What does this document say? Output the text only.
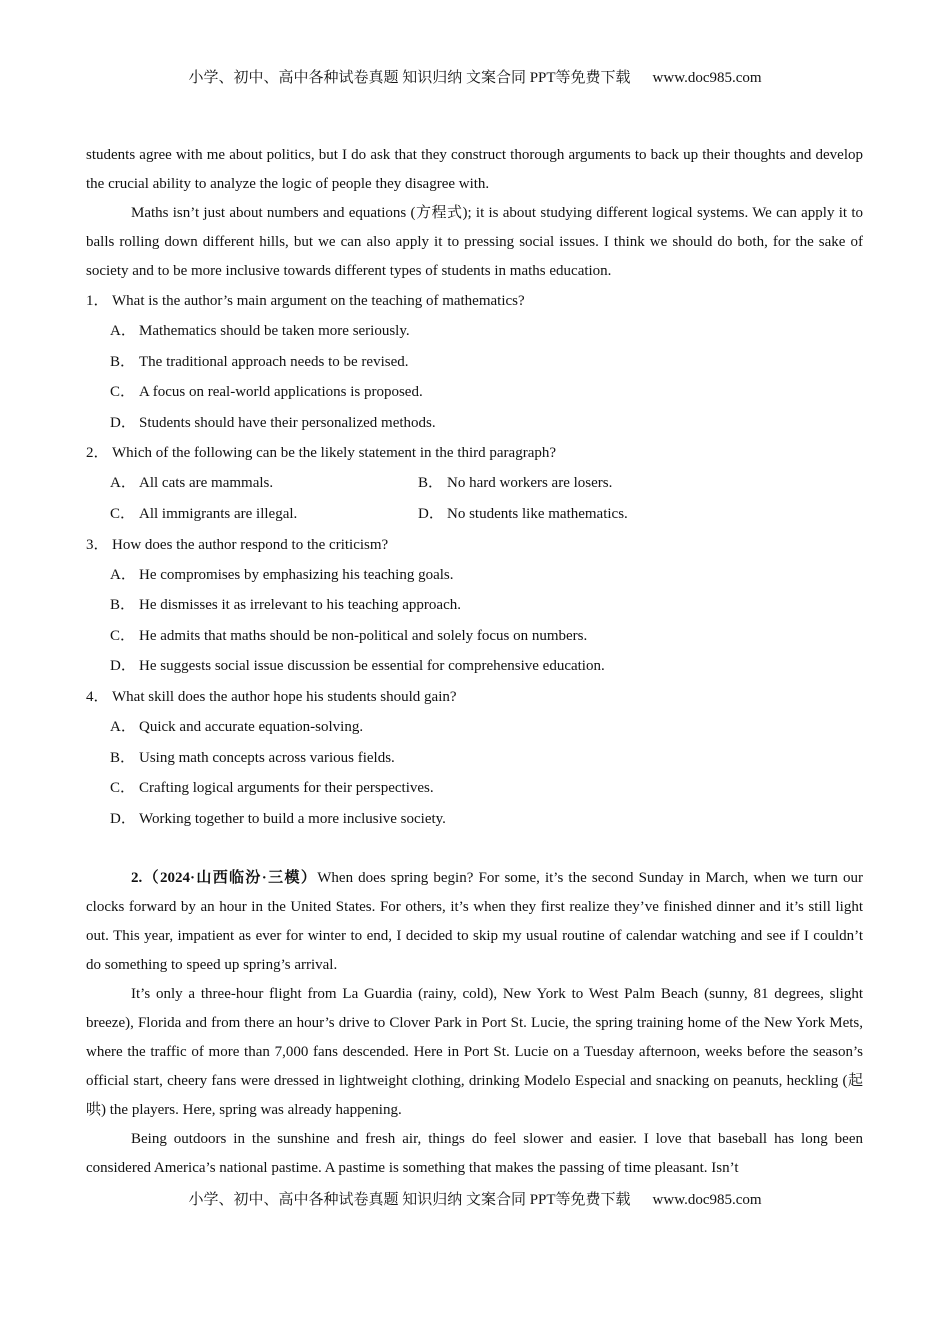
小学、初中、高中各种试卷真题 知识归纳 文案合同 PPT等免费下载 www.doc985.com

students agree with me about politics, but I do ask that they construct thorough arguments to back up their thoughts and develop the crucial ability to analyze the logic of people they disagree with.

Maths isn’t just about numbers and equations (方程式); it is about studying different logical systems. We can apply it to balls rolling down different hills, but we can also apply it to pressing social issues. I think we should do both, for the sake of society and to be more inclusive towards different types of students in maths education.

1． What is the author’s main argument on the teaching of mathematics?

A． Mathematics should be taken more seriously.

B． The traditional approach needs to be revised.

C． A focus on real-world applications is proposed.

D． Students should have their personalized methods.

2． Which of the following can be the likely statement in the third paragraph?

A． All cats are mammals.	B． No hard workers are losers.
C． All immigrants are illegal.	D． No students like mathematics.

3． How does the author respond to the criticism?

A． He compromises by emphasizing his teaching goals.

B． He dismisses it as irrelevant to his teaching approach.

C． He admits that maths should be non-political and solely focus on numbers.

D． He suggests social issue discussion be essential for comprehensive education.

4． What skill does the author hope his students should gain?

A． Quick and accurate equation-solving.

B． Using math concepts across various fields.

C． Crafting logical arguments for their perspectives.

D． Working together to build a more inclusive society.

2.（2024·山西临汾·三模）When does spring begin? For some, it’s the second Sunday in March, when we turn our clocks forward by an hour in the United States. For others, it’s when they first realize they’ve finished dinner and it’s still light out. This year, impatient as ever for winter to end, I decided to skip my usual routine of calendar watching and see if I couldn’t do something to speed up spring’s arrival.

It’s only a three-hour flight from La Guardia (rainy, cold), New York to West Palm Beach (sunny, 81 degrees, slight breeze), Florida and from there an hour’s drive to Clover Park in Port St. Lucie, the spring training home of the New York Mets, where the traffic of more than 7,000 fans descended. Here in Port St. Lucie on a Tuesday afternoon, weeks before the season’s official start, cheery fans were dressed in lightweight clothing, drinking Modelo Especial and snacking on peanuts, heckling (起哄) the players. Here, spring was already happening.

Being outdoors in the sunshine and fresh air, things do feel slower and easier. I love that baseball has long been considered America’s national pastime. A pastime is something that makes the passing of time pleasant. Isn’t

小学、初中、高中各种试卷真题 知识归纳 文案合同 PPT等免费下载 www.doc985.com
